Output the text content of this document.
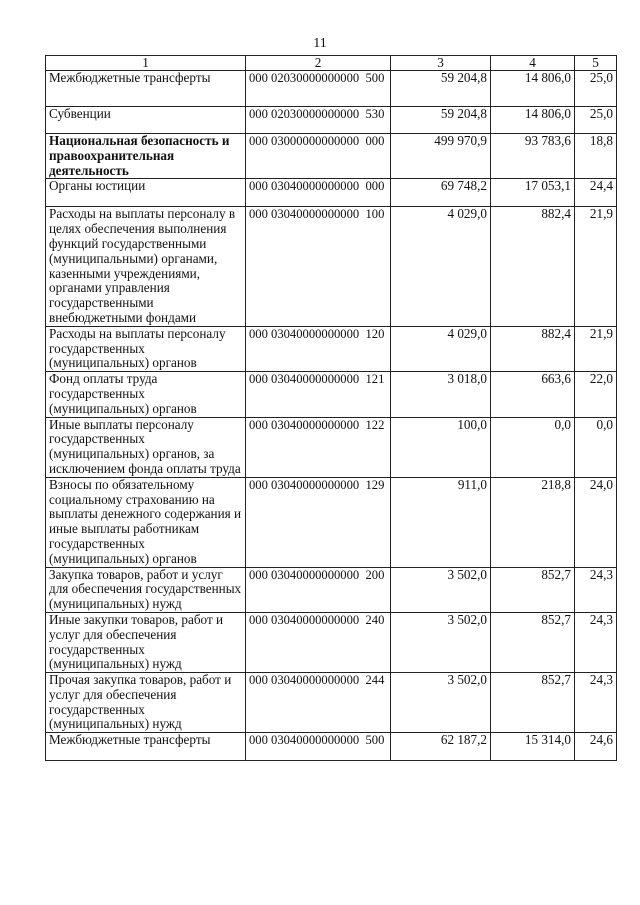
11
1	2	3	4	5
Межбюджетные трансферты	000 02030000000000  500	59 204,8	14 806,0	25,0
Субвенции	000 02030000000000  530	59 204,8	14 806,0	25,0
Национальная безопасность и правоохранительная деятельность	000 03000000000000  000	499 970,9	93 783,6	18,8
Органы юстиции	000 03040000000000  000	69 748,2	17 053,1	24,4
Расходы на выплаты персоналу в целях обеспечения выполнения функций государственными (муниципальными) органами, казенными учреждениями, органами управления государственными внебюджетными фондами	000 03040000000000  100	4 029,0	882,4	21,9
Расходы на выплаты персоналу государственных (муниципальных) органов	000 03040000000000  120	4 029,0	882,4	21,9
Фонд оплаты труда государственных (муниципальных) органов	000 03040000000000  121	3 018,0	663,6	22,0
Иные выплаты персоналу государственных (муниципальных) органов, за исключением фонда оплаты труда	000 03040000000000  122	100,0	0,0	0,0
Взносы по обязательному социальному страхованию на выплаты денежного содержания и иные выплаты работникам государственных (муниципальных) органов	000 03040000000000  129	911,0	218,8	24,0
Закупка товаров, работ и услуг для обеспечения государственных (муниципальных) нужд	000 03040000000000  200	3 502,0	852,7	24,3
Иные закупки товаров, работ и услуг для обеспечения государственных (муниципальных) нужд	000 03040000000000  240	3 502,0	852,7	24,3
Прочая закупка товаров, работ и услуг для обеспечения государственных (муниципальных) нужд	000 03040000000000  244	3 502,0	852,7	24,3
Межбюджетные трансферты	000 03040000000000  500	62 187,2	15 314,0	24,6
